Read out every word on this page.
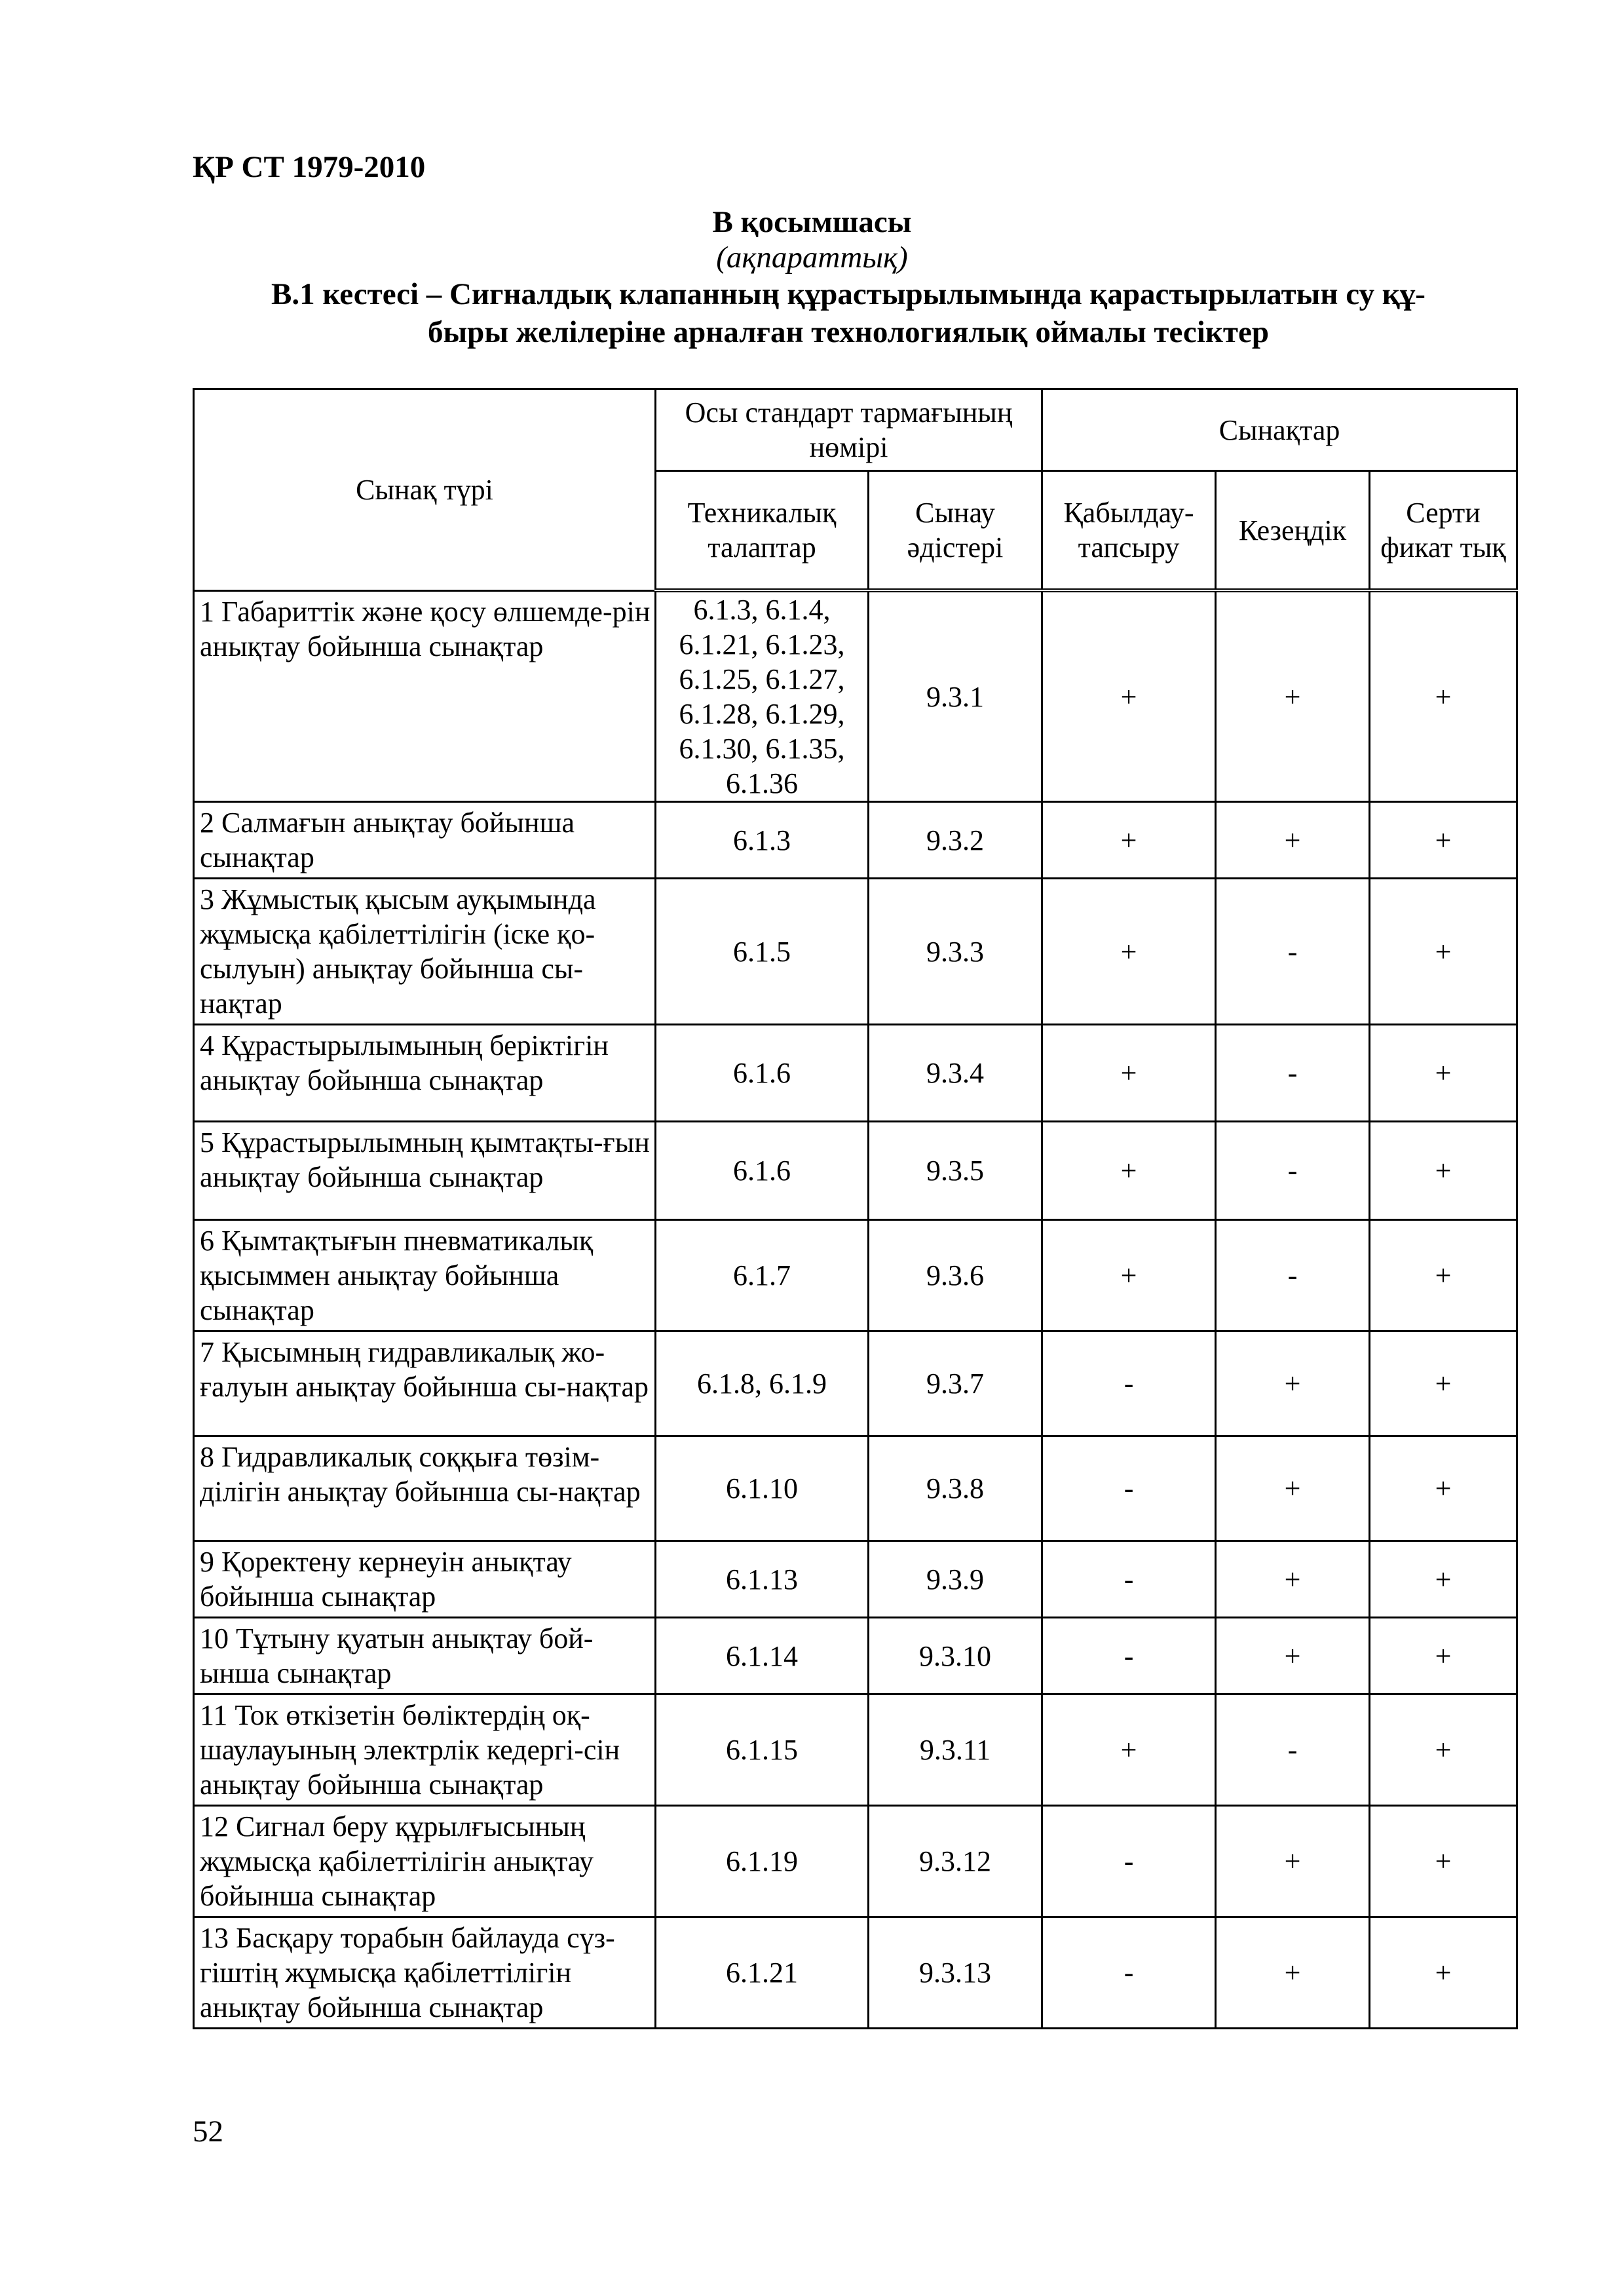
ҚР СТ 1979-2010
В қосымшасы
(ақпараттық)
В.1 кестесі – Сигналдық клапанның құрастырылымында қарастырылатын су құ-
быры желілеріне арналған технологиялық оймалы тесіктер
Сынақ түрі	Осы стандарт тармағының нөмірі		Сынақтар		
	Техникалық талаптар	Сынау әдістері	Қабылдау-тапсыру	Кезеңдік	Серти фикат тық
1 Габариттік және қосу өлшемде-рін анықтау бойынша сынақтар	6.1.3, 6.1.4, 6.1.21, 6.1.23, 6.1.25, 6.1.27, 6.1.28, 6.1.29, 6.1.30, 6.1.35, 6.1.36	9.3.1	+	+	+
2 Салмағын анықтау бойынша сынақтар	6.1.3	9.3.2	+	+	+
3 Жұмыстық қысым ауқымында жұмысқа қабілеттілігін (іске қо-сылуын) анықтау бойынша сы-нақтар	6.1.5	9.3.3	+	-	+
4 Құрастырылымының беріктігін анықтау бойынша сынақтар	6.1.6	9.3.4	+	-	+
5 Құрастырылымның қымтақты-ғын анықтау бойынша сынақтар	6.1.6	9.3.5	+	-	+
6 Қымтақтығын пневматикалық қысыммен анықтау бойынша сынақтар	6.1.7	9.3.6	+	-	+
7 Қысымның гидравликалық жо-ғалуын анықтау бойынша сы-нақтар	6.1.8, 6.1.9	9.3.7	-	+	+
8 Гидравликалық соққыға төзім-ділігін анықтау бойынша сы-нақтар	6.1.10	9.3.8	-	+	+
9 Қоректену кернеуін анықтау бойынша сынақтар	6.1.13	9.3.9	-	+	+
10 Тұтыну қуатын анықтау бой-ынша сынақтар	6.1.14	9.3.10	-	+	+
11 Ток өткізетін бөліктердің оқ-шаулауының электрлік кедергі-сін анықтау бойынша сынақтар	6.1.15	9.3.11	+	-	+
12 Сигнал беру құрылғысының жұмысқа қабілеттілігін анықтау бойынша сынақтар	6.1.19	9.3.12	-	+	+
13 Басқару торабын байлауда сүз-гіштің жұмысқа қабілеттілігін анықтау бойынша сынақтар	6.1.21	9.3.13	-	+	+
52
